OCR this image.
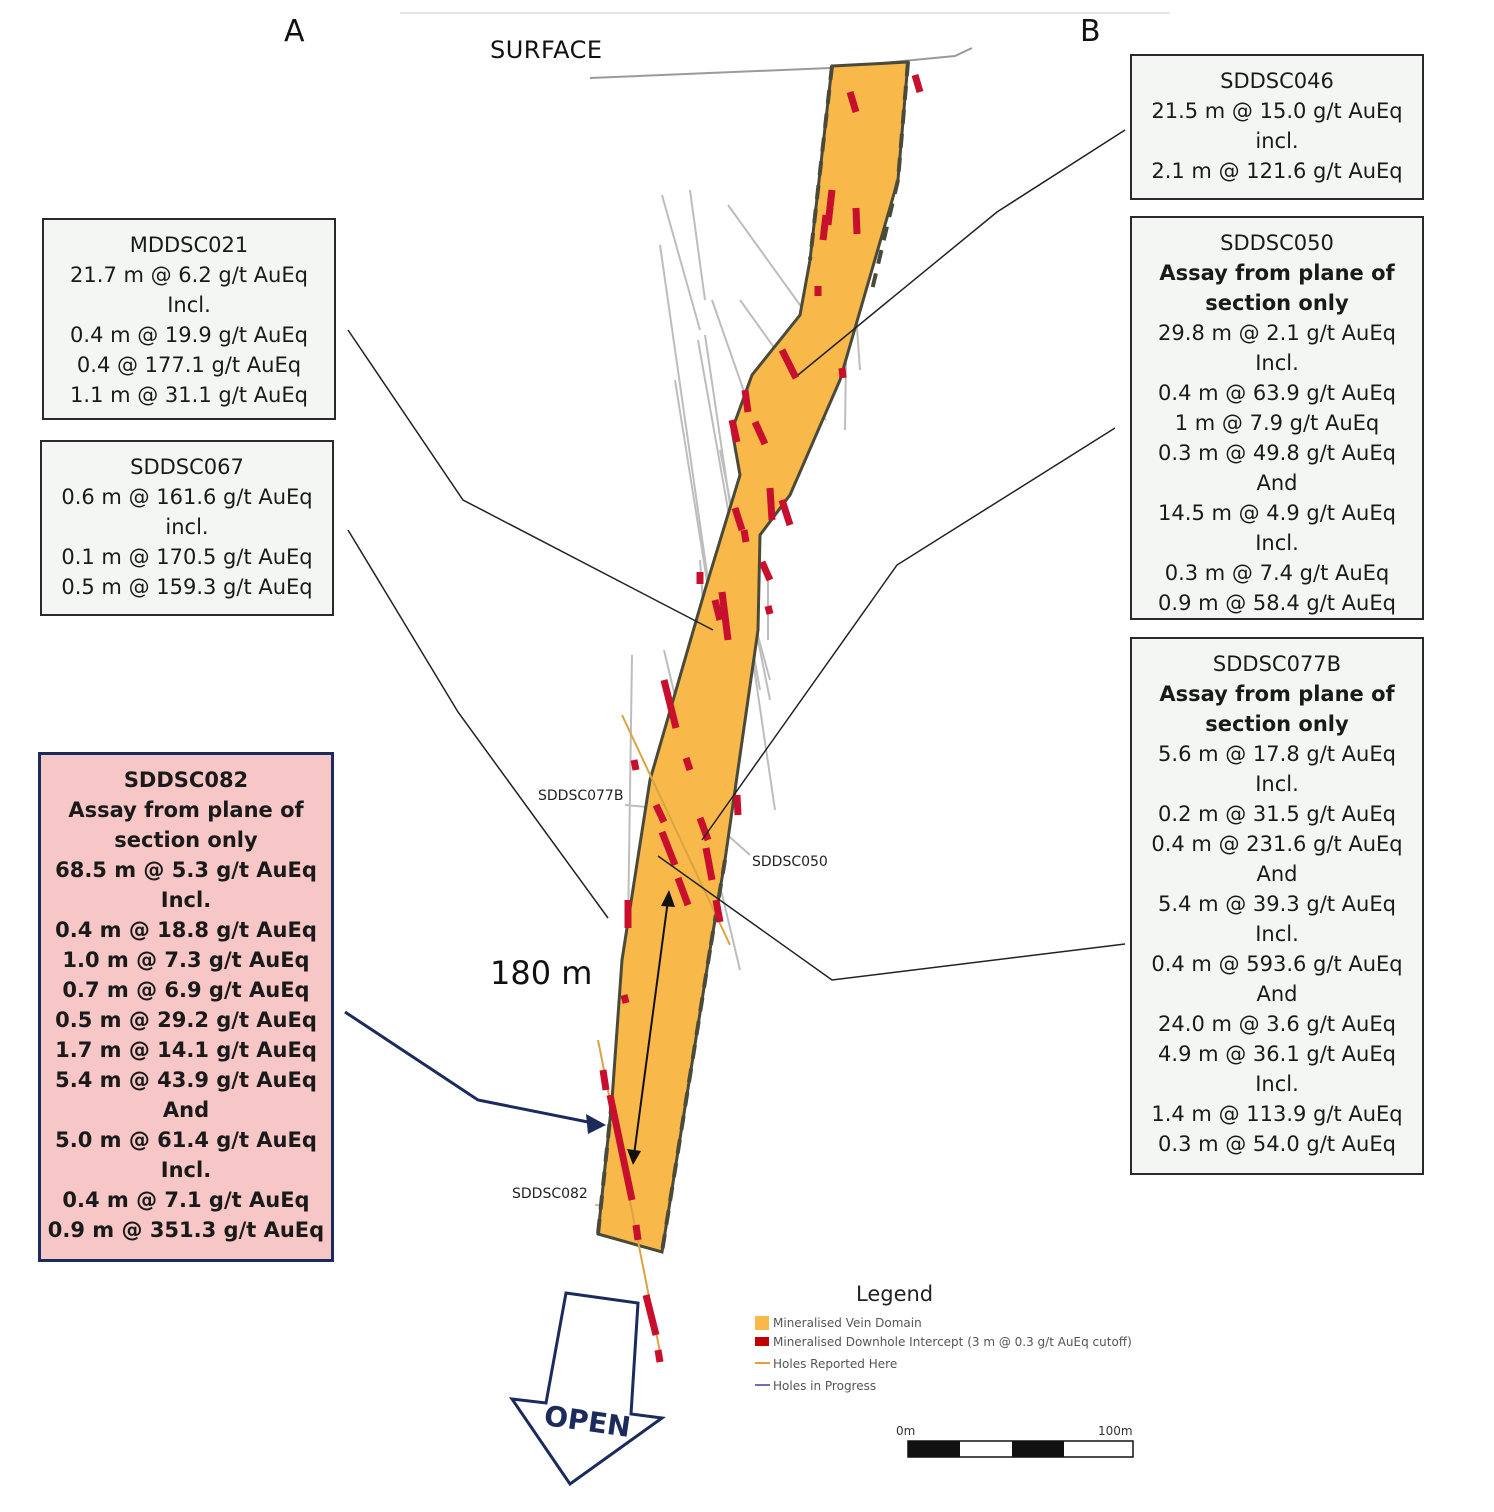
A	B
SURFACE
SDDSC077B
SDDSC050
SDDSC082
180 m
OPEN
MDDSC021
21.7 m @ 6.2 g/t AuEq
Incl.
0.4 m @ 19.9 g/t AuEq
0.4 @ 177.1 g/t AuEq
1.1 m @ 31.1 g/t AuEq
SDDSC067
0.6 m @ 161.6 g/t AuEq
incl.
0.1 m @ 170.5 g/t AuEq
0.5 m @ 159.3 g/t AuEq
SDDSC082
Assay from plane of
section only
68.5 m @ 5.3 g/t AuEq
Incl.
0.4 m @ 18.8 g/t AuEq
1.0 m @ 7.3 g/t AuEq
0.7 m @ 6.9 g/t AuEq
0.5 m @ 29.2 g/t AuEq
1.7 m @ 14.1 g/t AuEq
5.4 m @ 43.9 g/t AuEq
And
5.0 m @ 61.4 g/t AuEq
Incl.
0.4 m @ 7.1 g/t AuEq
0.9 m @ 351.3 g/t AuEq
SDDSC046
21.5 m @ 15.0 g/t AuEq
incl.
2.1 m @ 121.6 g/t AuEq
SDDSC050
Assay from plane of
section only
29.8 m @ 2.1 g/t AuEq
Incl.
0.4 m @ 63.9 g/t AuEq
1 m @ 7.9 g/t AuEq
0.3 m @ 49.8 g/t AuEq
And
14.5 m @ 4.9 g/t AuEq
Incl.
0.3 m @ 7.4 g/t AuEq
0.9 m @ 58.4 g/t AuEq
SDDSC077B
Assay from plane of
section only
5.6 m @ 17.8 g/t AuEq
Incl.
0.2 m @ 31.5 g/t AuEq
0.4 m @ 231.6 g/t AuEq
And
5.4 m @ 39.3 g/t AuEq
Incl.
0.4 m @ 593.6 g/t AuEq
And
24.0 m @ 3.6 g/t AuEq
4.9 m @ 36.1 g/t AuEq
Incl.
1.4 m @ 113.9 g/t AuEq
0.3 m @ 54.0 g/t AuEq
Legend
Mineralised Vein Domain
Mineralised Downhole Intercept (3 m @ 0.3 g/t AuEq cutoff)
Holes Reported Here
Holes in Progress
0m	100m
